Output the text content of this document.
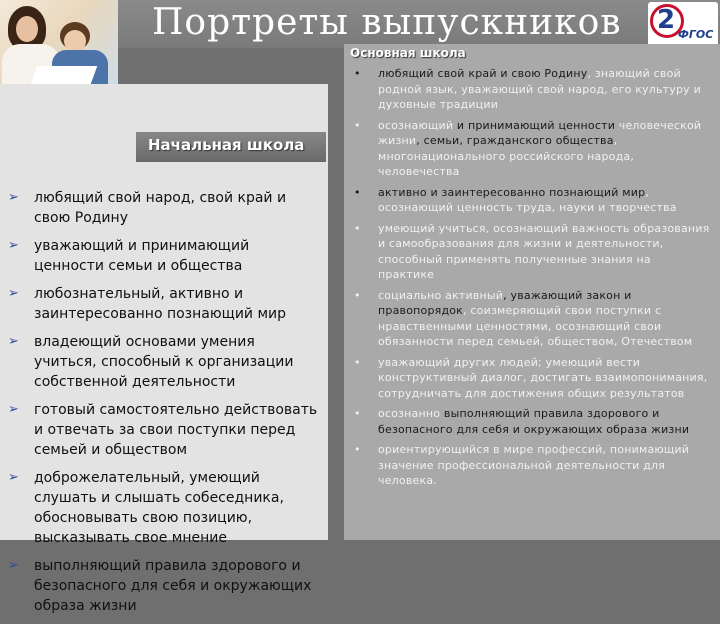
Портреты выпускников 2 ФГОС
Начальная школа
➢ любящий свой народ, свой край и свою Родину
➢ уважающий и принимающий ценности семьи и общества
➢ любознательный, активно и заинтересованно познающий мир
➢ владеющий основами умения учиться, способный к организации собственной деятельности
➢ готовый самостоятельно действовать и отвечать за свои поступки перед семьей и обществом
➢ доброжелательный, умеющий слушать и слышать собеседника, обосновывать свою позицию, высказывать свое мнение
➢ выполняющий правила здорового и безопасного для себя и окружающих образа жизни
Основная школа
• любящий свой край и свою Родину, знающий свой родной язык, уважающий свой народ, его культуру и духовные традиции
• осознающий и принимающий ценности человеческой жизни, семьи, гражданского общества, многонационального российского народа, человечества
• активно и заинтересованно познающий мир, осознающий ценность труда, науки и творчества
• умеющий учиться, осознающий важность образования и самообразования для жизни и деятельности, способный применять полученные знания на практике
• социально активный, уважающий закон и правопорядок, соизмеряющий свои поступки с нравственными ценностями, осознающий свои обязанности перед семьей, обществом, Отечеством
• уважающий других людей; умеющий вести конструктивный диалог, достигать взаимопонимания, сотрудничать для достижения общих результатов
• осознанно выполняющий правила здорового и безопасного для себя и окружающих образа жизни
• ориентирующийся в мире профессий, понимающий значение профессиональной деятельности для человека.
